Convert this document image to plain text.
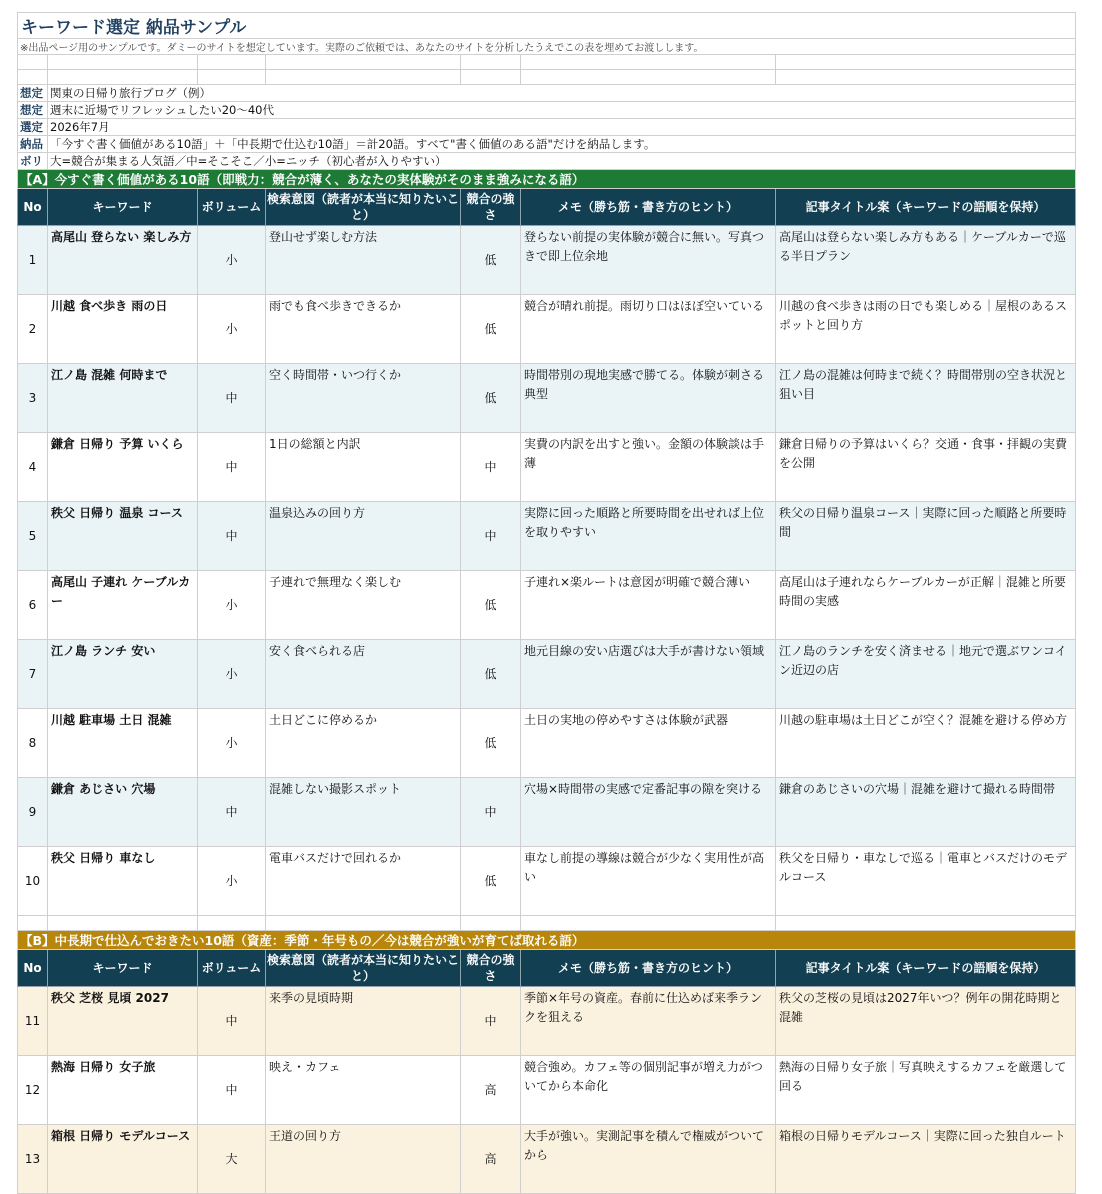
キーワード選定 納品サンプル						
※出品ページ用のサンプルです。ダミーのサイトを想定しています。実際のご依頼では、あなたのサイトを分析したうえでこの表を埋めてお渡しします。						

想定	関東の日帰り旅行ブログ（例）					
想定	週末に近場でリフレッシュしたい20〜40代					
選定	2026年7月					
納品	「今すぐ書く価値がある10語」＋「中長期で仕込む10語」＝計20語。すべて"書く価値のある語"だけを納品します。					
ボリ	大=競合が集まる人気語／中=そこそこ／小=ニッチ（初心者が入りやすい）					
【A】今すぐ書く価値がある10語（即戦力：競合が薄く、あなたの実体験がそのまま強みになる語）						
No	キーワード	ボリューム	検索意図（読者が本当に知りたいこと）	競合の強さ	メモ（勝ち筋・書き方のヒント）	記事タイトル案（キーワードの語順を保持）
1	高尾山 登らない 楽しみ方	小	登山せず楽しむ方法	低	登らない前提の実体験が競合に無い。写真つきで即上位余地	高尾山は登らない楽しみ方もある｜ケーブルカーで巡る半日プラン
2	川越 食べ歩き 雨の日	小	雨でも食べ歩きできるか	低	競合が晴れ前提。雨切り口はほぼ空いている	川越の食べ歩きは雨の日でも楽しめる｜屋根のあるスポットと回り方
3	江ノ島 混雑 何時まで	中	空く時間帯・いつ行くか	低	時間帯別の現地実感で勝てる。体験が刺さる典型	江ノ島の混雑は何時まで続く？時間帯別の空き状況と狙い目
4	鎌倉 日帰り 予算 いくら	中	1日の総額と内訳	中	実費の内訳を出すと強い。金額の体験談は手薄	鎌倉日帰りの予算はいくら？交通・食事・拝観の実費を公開
5	秩父 日帰り 温泉 コース	中	温泉込みの回り方	中	実際に回った順路と所要時間を出せれば上位を取りやすい	秩父の日帰り温泉コース｜実際に回った順路と所要時間
6	高尾山 子連れ ケーブルカー	小	子連れで無理なく楽しむ	低	子連れ×楽ルートは意図が明確で競合薄い	高尾山は子連れならケーブルカーが正解｜混雑と所要時間の実感
7	江ノ島 ランチ 安い	小	安く食べられる店	低	地元目線の安い店選びは大手が書けない領域	江ノ島のランチを安く済ませる｜地元で選ぶワンコイン近辺の店
8	川越 駐車場 土日 混雑	小	土日どこに停めるか	低	土日の実地の停めやすさは体験が武器	川越の駐車場は土日どこが空く？混雑を避ける停め方
9	鎌倉 あじさい 穴場	中	混雑しない撮影スポット	中	穴場×時間帯の実感で定番記事の隙を突ける	鎌倉のあじさいの穴場｜混雑を避けて撮れる時間帯
10	秩父 日帰り 車なし	小	電車バスだけで回れるか	低	車なし前提の導線は競合が少なく実用性が高い	秩父を日帰り・車なしで巡る｜電車とバスだけのモデルコース

【B】中長期で仕込んでおきたい10語（資産：季節・年号もの／今は競合が強いが育てば取れる語）						
No	キーワード	ボリューム	検索意図（読者が本当に知りたいこと）	競合の強さ	メモ（勝ち筋・書き方のヒント）	記事タイトル案（キーワードの語順を保持）
11	秩父 芝桜 見頃 2027	中	来季の見頃時期	中	季節×年号の資産。春前に仕込めば来季ランクを狙える	秩父の芝桜の見頃は2027年いつ？例年の開花時期と混雑
12	熱海 日帰り 女子旅	中	映え・カフェ	高	競合強め。カフェ等の個別記事が増え力がついてから本命化	熱海の日帰り女子旅｜写真映えするカフェを厳選して回る
13	箱根 日帰り モデルコース	大	王道の回り方	高	大手が強い。実測記事を積んで権威がついてから	箱根の日帰りモデルコース｜実際に回った独自ルート
